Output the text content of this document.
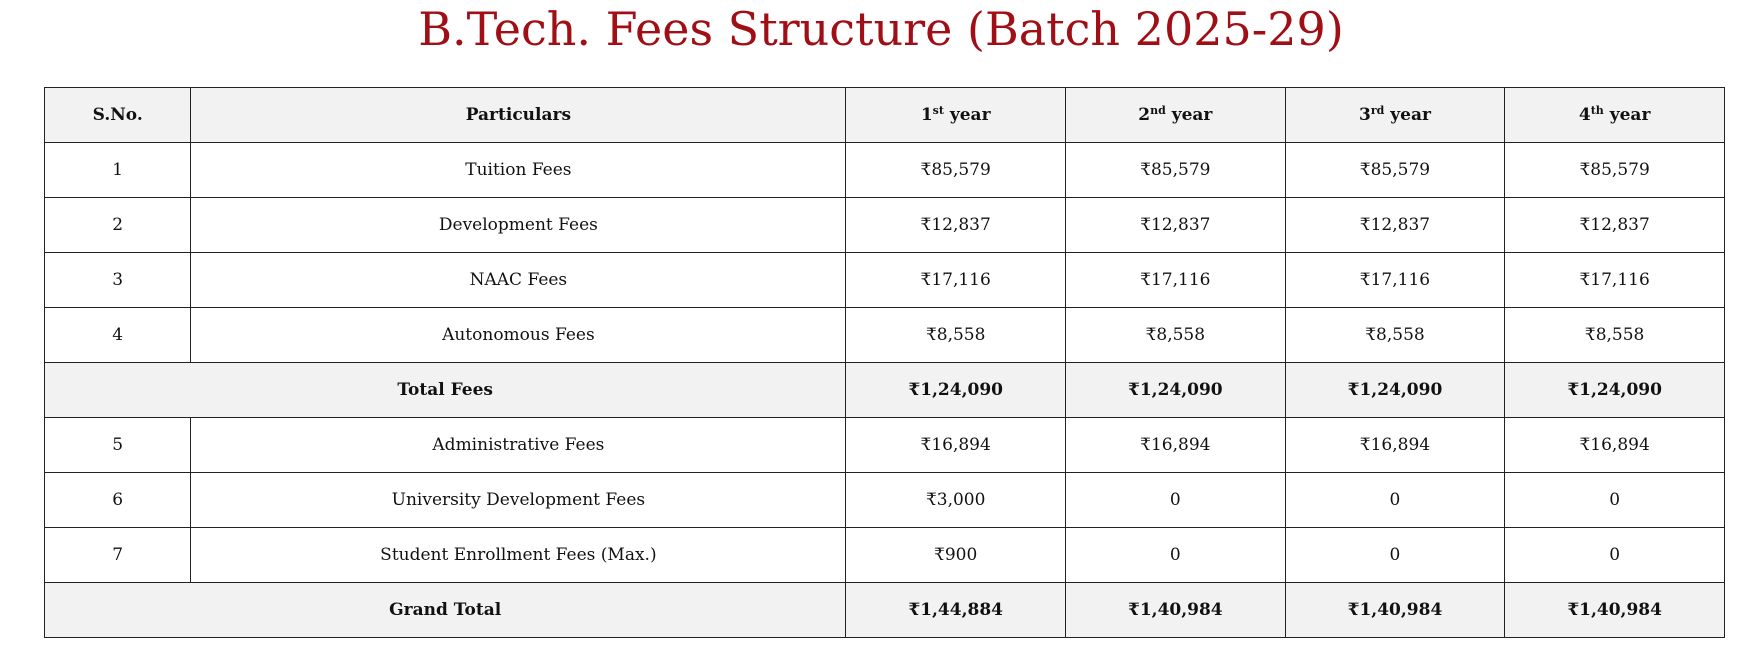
B.Tech. Fees Structure (Batch 2025-29)
S.No.	Particulars	1st year	2nd year	3rd year	4th year
1	Tuition Fees	₹85,579	₹85,579	₹85,579	₹85,579
2	Development Fees	₹12,837	₹12,837	₹12,837	₹12,837
3	NAAC Fees	₹17,116	₹17,116	₹17,116	₹17,116
4	Autonomous Fees	₹8,558	₹8,558	₹8,558	₹8,558
Total Fees		₹1,24,090	₹1,24,090	₹1,24,090	₹1,24,090
5	Administrative Fees	₹16,894	₹16,894	₹16,894	₹16,894
6	University Development Fees	₹3,000	0	0	0
7	Student Enrollment Fees (Max.)	₹900	0	0	0
Grand Total		₹1,44,884	₹1,40,984	₹1,40,984	₹1,40,984
